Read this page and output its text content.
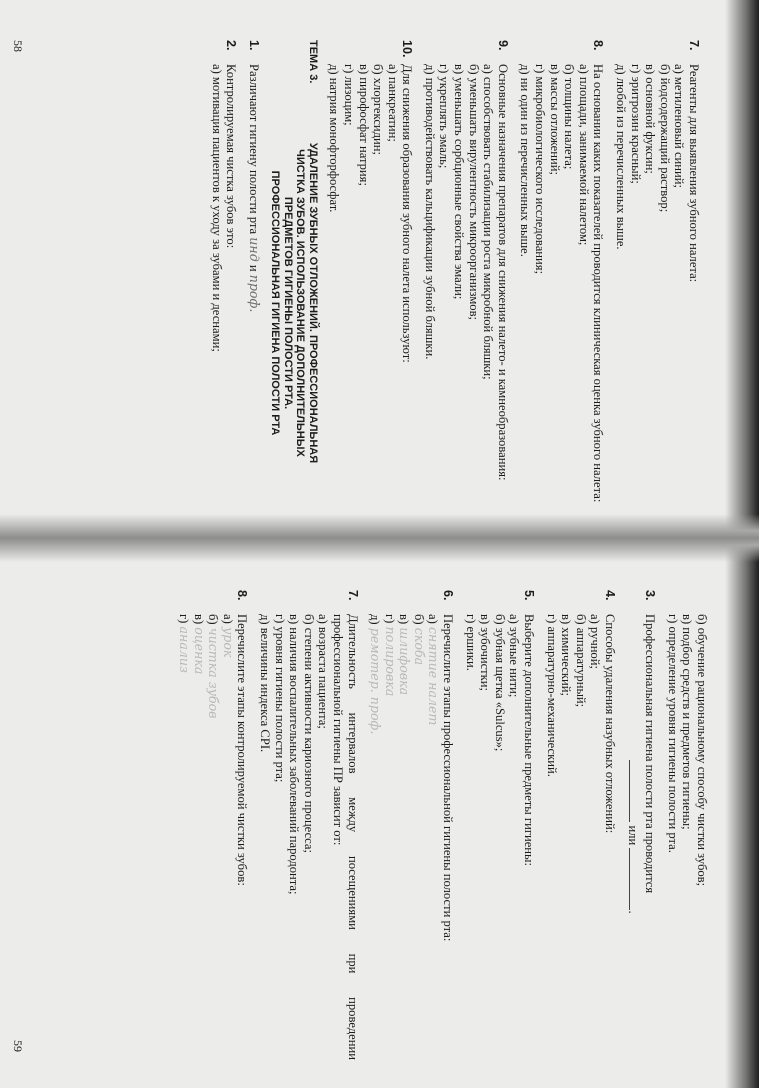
7.
Реагенты для выявления зубного налета:
а) метиленовый синий;
б) йодсодержащий раствор;
в) основной фуксин;
г) эритрозин красный;
д) любой из перечисленных выше.
8.
На основании каких показателей проводится клиническая оценка зубного налета:
а) площади, занимаемой налетом;
б) толщины налета;
в) массы отложений;
г) микробиологического исследования;
д) ни один из перечисленных выше.
9.
Основные назначения препаратов для снижения налето- и камнеобразования:
а) способствовать стабилизации роста микробной бляшки;
б) уменьшать вирулентность микроорганизмов;
в) уменьшать сорбционные свойства эмали;
г) укреплять эмаль;
д) противодействовать кальцификации зубной бляшки.
10.
Для снижения образования зубного налета используют:
а) панкреатин;
б) хлоргексидин;
в) пирофосфат натрия;
г) лизоцим;
д) натрия монофторфосфат.
ТЕМА 3.
УДАЛЕНИЕ ЗУБНЫХ ОТЛОЖЕНИЙ. ПРОФЕССИОНАЛЬНАЯ
ЧИСТКА ЗУБОВ. ИСПОЛЬЗОВАНИЕ ДОПОЛНИТЕЛЬНЫХ
ПРЕДМЕТОВ ГИГИЕНЫ ПОЛОСТИ РТА.
ПРОФЕССИОНАЛЬНАЯ ГИГИЕНА ПОЛОСТИ РТА
1.
Различают гигиену полости рта инд и проф.
2.
Контролируемая чистка зубов это:
а) мотивация пациентов к уходу за зубами и деснами;
58
б) обучение рациональному способу чистки зубов;
в) подбор средств и предметов гигиены;
г) определение уровня гигиены полости рта.
3.
Профессиональная гигиена полости рта проводится
или .
4.
Способы удаления назубных отложений:
а) ручной;
б) аппаратурный;
в) химический;
г) аппаратурно-механический.
5.
Выберите дополнительные предметы гигиены:
а) зубные нити;
б) зубная щетка «Sulcus»;
в) зубочистки;
г) ершики.
6.
Перечислите этапы профессиональной гигиены полости рта:
а) снятие налет
б) скоба
в) шлифовка
г) полировка
д) ремотер. проф.
7.
Длительность интервалов между посещениями при проведении профессиональной гигиены ПР зависит от:
а) возраста пациента;
б) степени активности кариозного процесса;
в) наличия воспалительных заболеваний пародонта;
г) уровня гигиены полости рта;
д) величины индекса CPI.
8.
Перечислите этапы контролируемой чистки зубов:
а) урок
б) чистка зубов
в) оценка
г) анализ
59
